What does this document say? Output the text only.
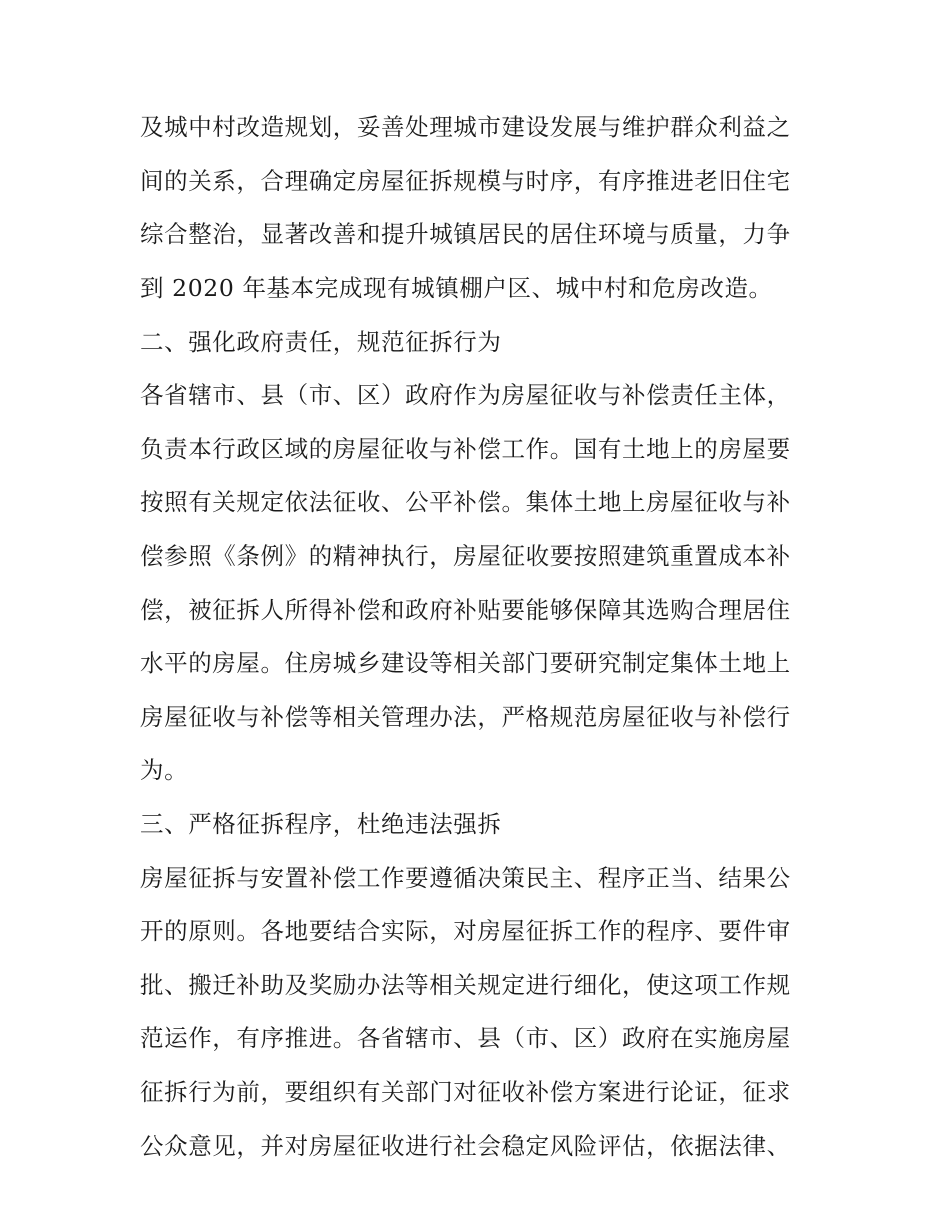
及城中村改造规划，妥善处理城市建设发展与维护群众利益之
间的关系，合理确定房屋征拆规模与时序，有序推进老旧住宅
综合整治，显著改善和提升城镇居民的居住环境与质量，力争
到 2020 年基本完成现有城镇棚户区、城中村和危房改造。
二、强化政府责任，规范征拆行为
各省辖市、县（市、区）政府作为房屋征收与补偿责任主体，
负责本行政区域的房屋征收与补偿工作。国有土地上的房屋要
按照有关规定依法征收、公平补偿。集体土地上房屋征收与补
偿参照《条例》的精神执行，房屋征收要按照建筑重置成本补
偿，被征拆人所得补偿和政府补贴要能够保障其选购合理居住
水平的房屋。住房城乡建设等相关部门要研究制定集体土地上
房屋征收与补偿等相关管理办法，严格规范房屋征收与补偿行
为。
三、严格征拆程序，杜绝违法强拆
房屋征拆与安置补偿工作要遵循决策民主、程序正当、结果公
开的原则。各地要结合实际，对房屋征拆工作的程序、要件审
批、搬迁补助及奖励办法等相关规定进行细化，使这项工作规
范运作，有序推进。各省辖市、县（市、区）政府在实施房屋
征拆行为前，要组织有关部门对征收补偿方案进行论证，征求
公众意见，并对房屋征收进行社会稳定风险评估，依据法律、
